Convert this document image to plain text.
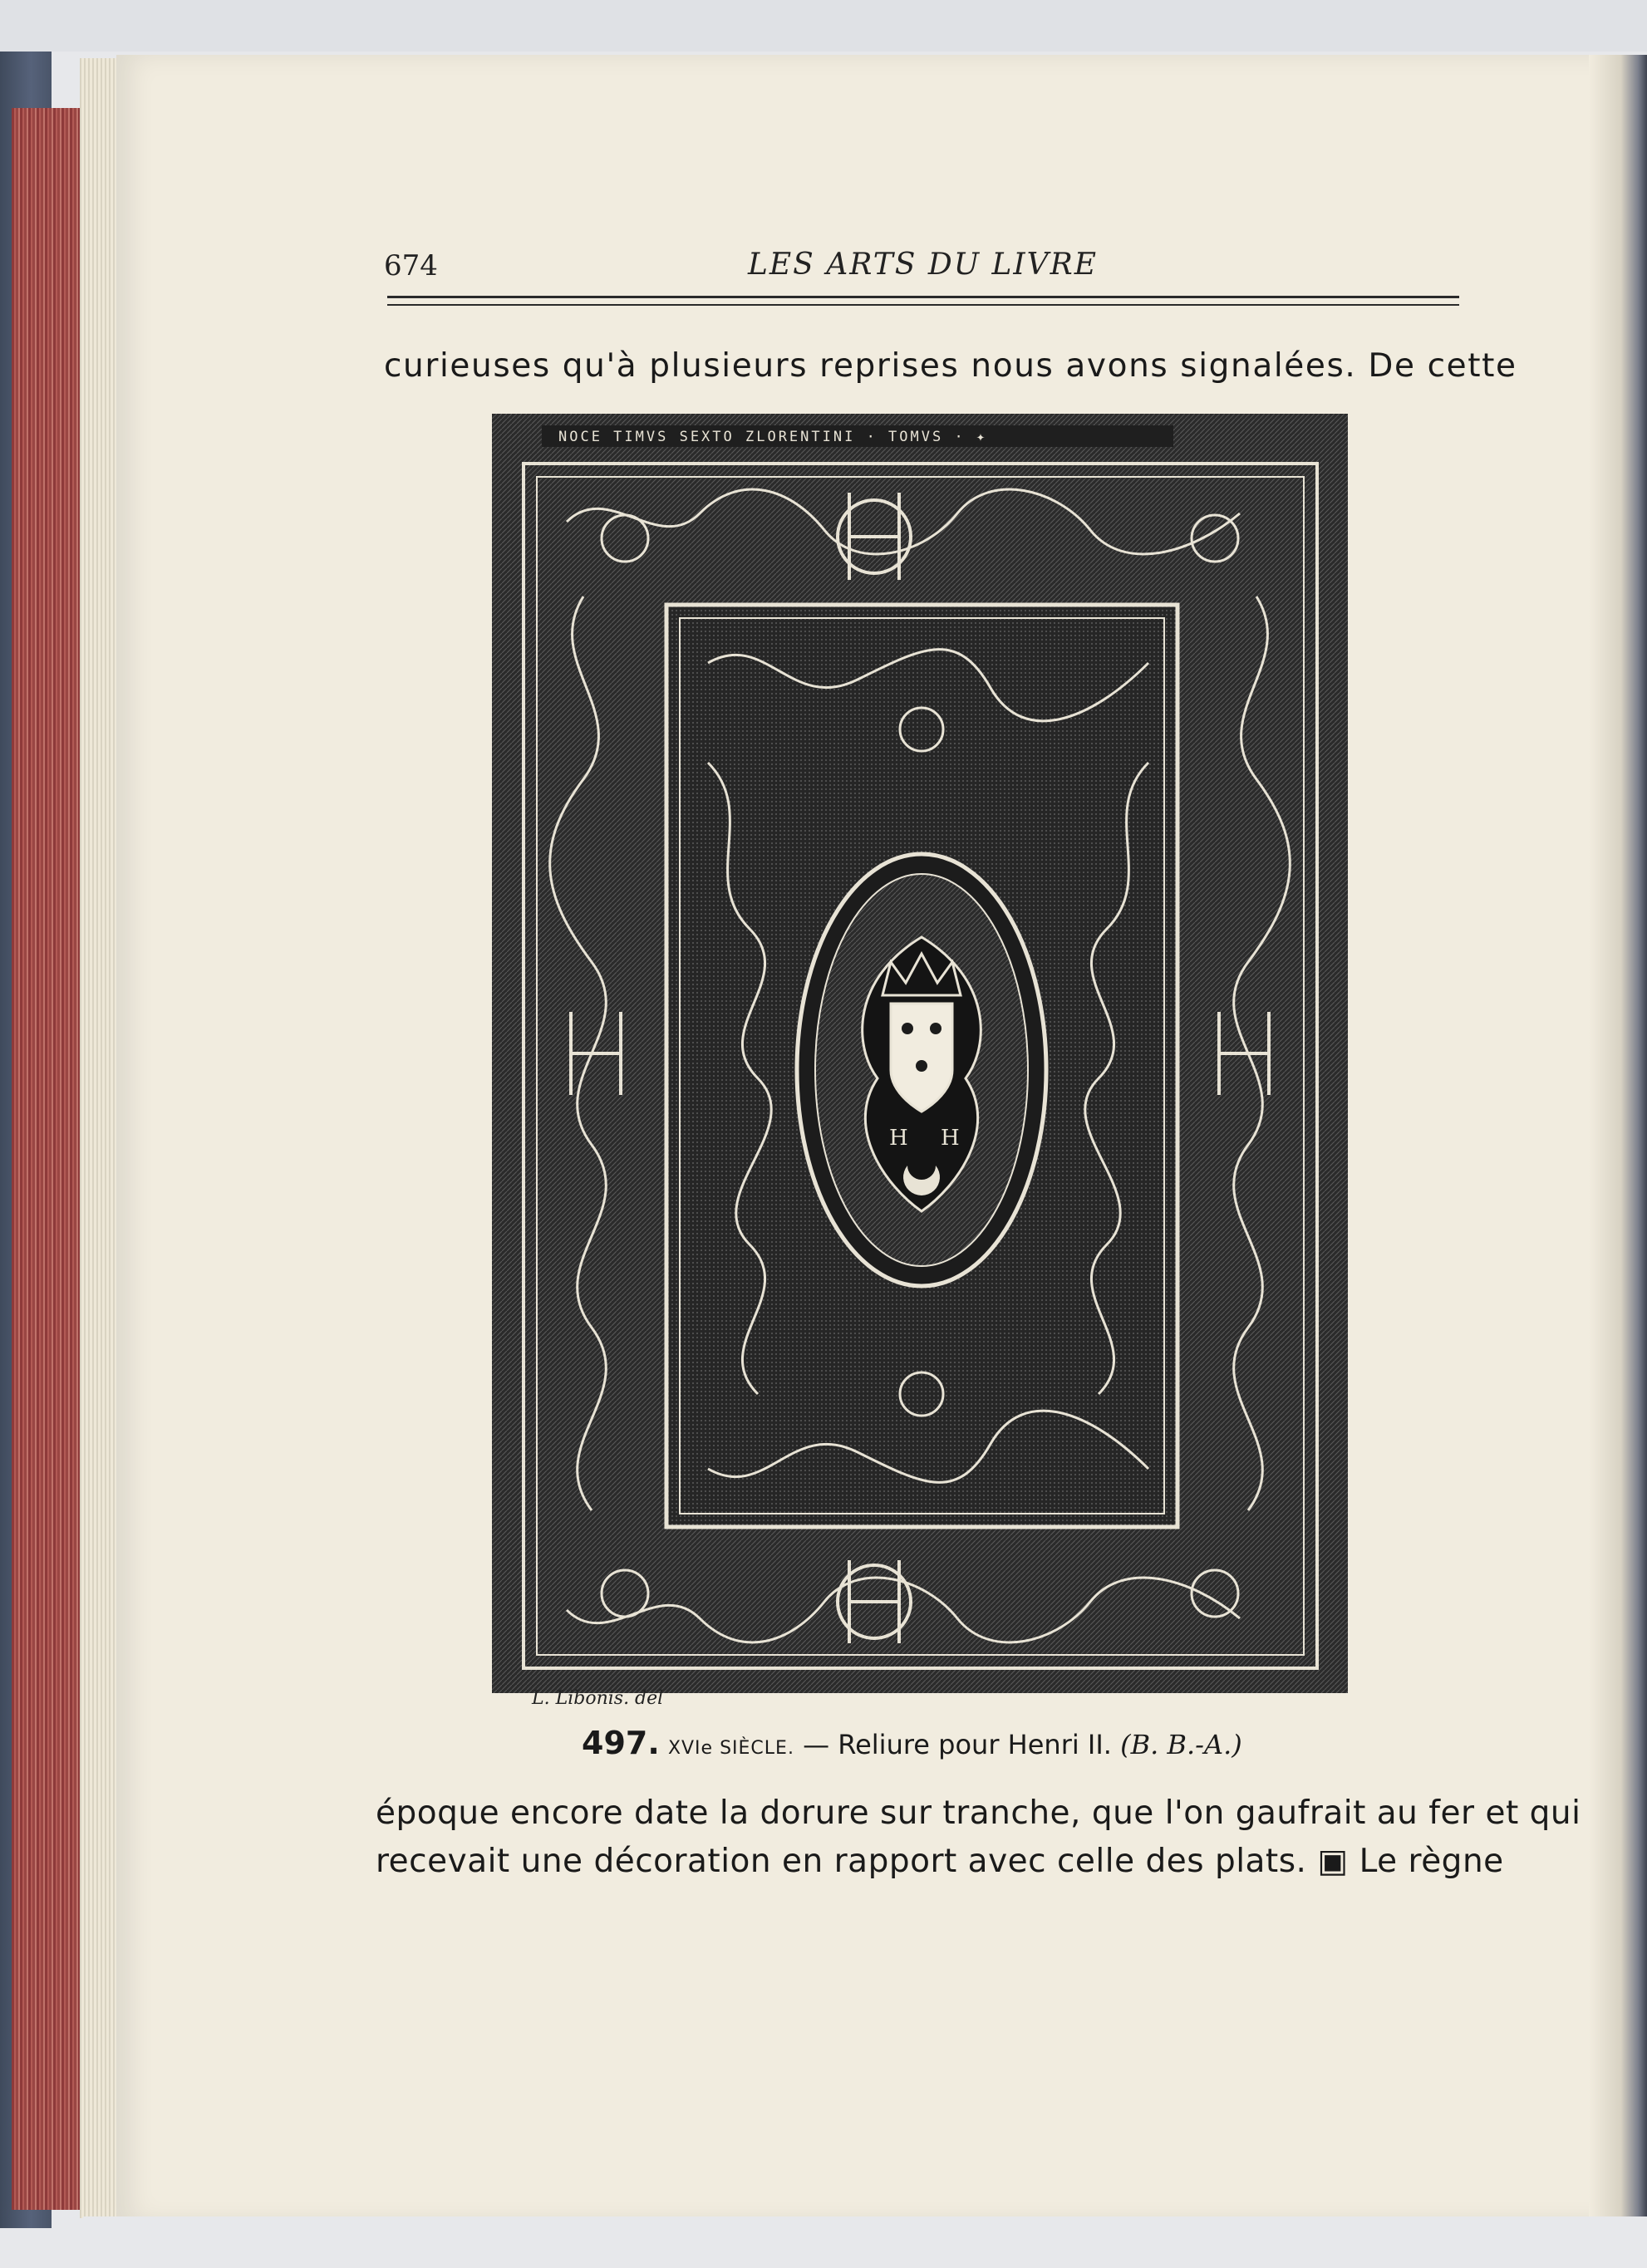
674	LES ARTS DU LIVRE
curieuses qu'à plusieurs reprises nous avons signalées. De cette
NOCE TIMVS SEXTO ZLORENTINI · TOMVS · ✦
H H
L. Libonis. del
497. XVIe SIÈCLE. — Reliure pour Henri II. (B. B.-A.)
époque encore date la dorure sur tranche, que l'on gaufrait au fer et qui
recevait une décoration en rapport avec celle des plats. ▣ Le règne
